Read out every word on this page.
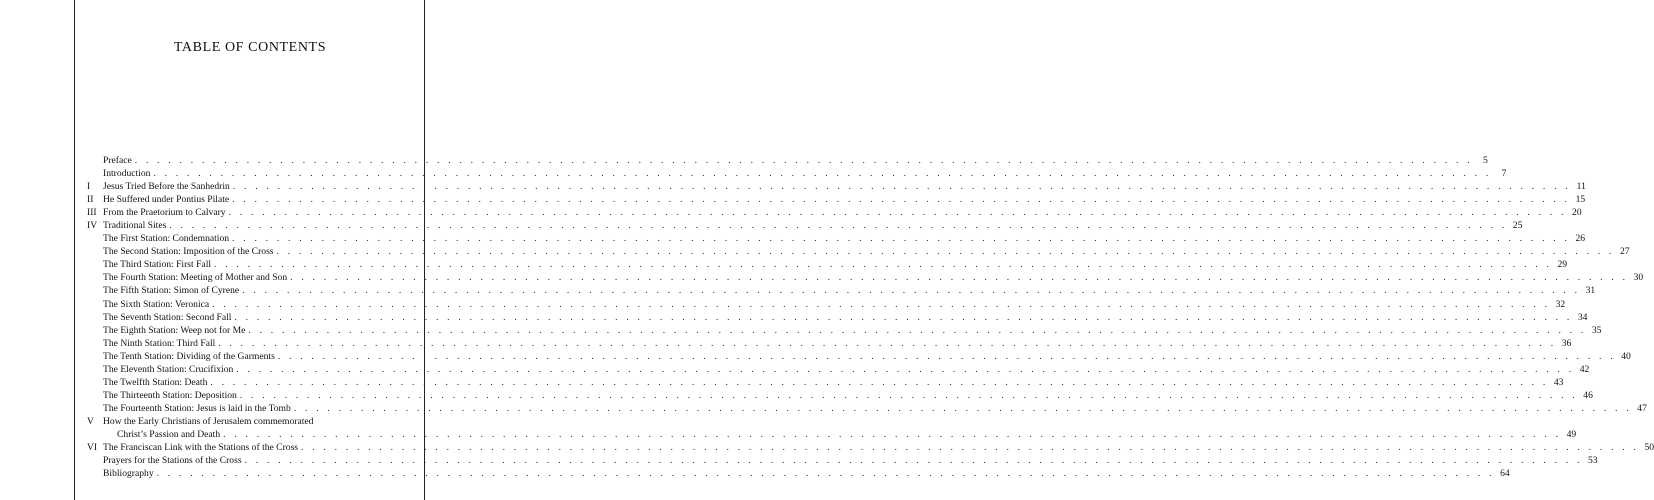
TABLE OF CONTENTS
Preface . . . . . . . . . . . . . . . . . . . . . . . . . . . . . . . . . . . . . . . . . . . . . . . . . . . . . . . . . . . . . . . . . . . . . . . . . . . . . . . . . . . . . . . . . . . . . . . . . . . . . . . . . . . . . . . . . . . . . . . .	5
Introduction . . . . . . . . . . . . . . . . . . . . . . . . . . . . . . . . . . . . . . . . . . . . . . . . . . . . . . . . . . . . . . . . . . . . . . . . . . . . . . . . . . . . . . . . . . . . . . . . . . . . . . . . . . . . . . . . . . . . . . . .	7
I	Jesus Tried Before the Sanhedrin . . . . . . . . . . . . . . . . . . . . . . . . . . . . . . . . . . . . . . . . . . . . . . . . . . . . . . . . . . . . . . . . . . . . . . . . . . . . . . . . . . . . . . . . . . . . . . . . . . . . . . . . . . . . . . . . . . . . . . . . 11
II	He Suffered under Pontius Pilate . . . . . . . . . . . . . . . . . . . . . . . . . . . . . . . . . . . . . . . . . . . . . . . . . . . . . . . . . . . . . . . . . . . . . . . . . . . . . . . . . . . . . . . . . . . . . . . . . . . . . . . . . . . . . . . . . . . . . . . . 15
III From the Praetorium to Calvary . . . . . . . . . . . . . . . . . . . . . . . . . . . . . . . . . . . . . . . . . . . . . . . . . . . . . . . . . . . . . . . . . . . . . . . . . . . . . . . . . . . . . . . . . . . . . . . . . . . . . . . . . . . . . . . . . . . . . . . . 20
IV Traditional Sites . . . . . . . . . . . . . . . . . . . . . . . . . . . . . . . . . . . . . . . . . . . . . . . . . . . . . . . . . . . . . . . . . . . . . . . . . . . . . . . . . . . . . . . . . . . . . . . . . . . . . . . . . . . . . . . . . . . . . . . . 25
The First Station: Condemnation . . . . . . . . . . . . . . . . . . . . . . . . . . . . . . . . . . . . . . . . . . . . . . . . . . . . . . . . . . . . . . . . . . . . . . . . . . . . . . . . . . . . . . . . . . . . . . . . . . . . . . . . . . . . . . . . . . . . . . . . 26
The Second Station: Imposition of the Cross . . . . . . . . . . . . . . . . . . . . . . . . . . . . . . . . . . . . . . . . . . . . . . . . . . . . . . . . . . . . . . . . . . . . . . . . . . . . . . . . . . . . . . . . . . . . . . . . . . . . . . . . . . . . . . . . . . . . . . . . 27
The Third Station: First Fall . . . . . . . . . . . . . . . . . . . . . . . . . . . . . . . . . . . . . . . . . . . . . . . . . . . . . . . . . . . . . . . . . . . . . . . . . . . . . . . . . . . . . . . . . . . . . . . . . . . . . . . . . . . . . . . . . . . . . . . . 29
The Fourth Station: Meeting of Mother and Son . . . . . . . . . . . . . . . . . . . . . . . . . . . . . . . . . . . . . . . . . . . . . . . . . . . . . . . . . . . . . . . . . . . . . . . . . . . . . . . . . . . . . . . . . . . . . . . . . . . . . . . . . . . . . . . . . . . . . . . . 30
The Fifth Station: Simon of Cyrene . . . . . . . . . . . . . . . . . . . . . . . . . . . . . . . . . . . . . . . . . . . . . . . . . . . . . . . . . . . . . . . . . . . . . . . . . . . . . . . . . . . . . . . . . . . . . . . . . . . . . . . . . . . . . . . . . . . . . . . . 31
The Sixth Station: Veronica . . . . . . . . . . . . . . . . . . . . . . . . . . . . . . . . . . . . . . . . . . . . . . . . . . . . . . . . . . . . . . . . . . . . . . . . . . . . . . . . . . . . . . . . . . . . . . . . . . . . . . . . . . . . . . . . . . . . . . . . 32
The Seventh Station: Second Fall . . . . . . . . . . . . . . . . . . . . . . . . . . . . . . . . . . . . . . . . . . . . . . . . . . . . . . . . . . . . . . . . . . . . . . . . . . . . . . . . . . . . . . . . . . . . . . . . . . . . . . . . . . . . . . . . . . . . . . . . 34
The Eighth Station: Weep not for Me . . . . . . . . . . . . . . . . . . . . . . . . . . . . . . . . . . . . . . . . . . . . . . . . . . . . . . . . . . . . . . . . . . . . . . . . . . . . . . . . . . . . . . . . . . . . . . . . . . . . . . . . . . . . . . . . . . . . . . . . 35
The Ninth Station: Third Fall . . . . . . . . . . . . . . . . . . . . . . . . . . . . . . . . . . . . . . . . . . . . . . . . . . . . . . . . . . . . . . . . . . . . . . . . . . . . . . . . . . . . . . . . . . . . . . . . . . . . . . . . . . . . . . . . . . . . . . . . 36
The Tenth Station: Dividing of the Garments . . . . . . . . . . . . . . . . . . . . . . . . . . . . . . . . . . . . . . . . . . . . . . . . . . . . . . . . . . . . . . . . . . . . . . . . . . . . . . . . . . . . . . . . . . . . . . . . . . . . . . . . . . . . . . . . . . . . . . . . 40
The Eleventh Station: Crucifixion . . . . . . . . . . . . . . . . . . . . . . . . . . . . . . . . . . . . . . . . . . . . . . . . . . . . . . . . . . . . . . . . . . . . . . . . . . . . . . . . . . . . . . . . . . . . . . . . . . . . . . . . . . . . . . . . . . . . . . . . 42
The Twelfth Station: Death . . . . . . . . . . . . . . . . . . . . . . . . . . . . . . . . . . . . . . . . . . . . . . . . . . . . . . . . . . . . . . . . . . . . . . . . . . . . . . . . . . . . . . . . . . . . . . . . . . . . . . . . . . . . . . . . . . . . . . . . 43
The Thirteenth Station: Deposition . . . . . . . . . . . . . . . . . . . . . . . . . . . . . . . . . . . . . . . . . . . . . . . . . . . . . . . . . . . . . . . . . . . . . . . . . . . . . . . . . . . . . . . . . . . . . . . . . . . . . . . . . . . . . . . . . . . . . . . . 46
The Fourteenth Station: Jesus is laid in the Tomb . . . . . . . . . . . . . . . . . . . . . . . . . . . . . . . . . . . . . . . . . . . . . . . . . . . . . . . . . . . . . . . . . . . . . . . . . . . . . . . . . . . . . . . . . . . . . . . . . . . . . . . . . . . . . . . . . . . . . . . . 47
V How the Early Christians of Jerusalem commemorated
Christ’s Passion and Death . . . . . . . . . . . . . . . . . . . . . . . . . . . . . . . . . . . . . . . . . . . . . . . . . . . . . . . . . . . . . . . . . . . . . . . . . . . . . . . . . . . . . . . . . . . . . . . . . . . . . . . . . . . . . . . . . . . . . . . . 49
VI The Franciscan Link with the Stations of the Cross . . . . . . . . . . . . . . . . . . . . . . . . . . . . . . . . . . . . . . . . . . . . . . . . . . . . . . . . . . . . . . . . . . . . . . . . . . . . . . . . . . . . . . . . . . . . . . . . . . . . . . . . . . . . . . . . . . . . . . . . 50
Prayers for the Stations of the Cross . . . . . . . . . . . . . . . . . . . . . . . . . . . . . . . . . . . . . . . . . . . . . . . . . . . . . . . . . . . . . . . . . . . . . . . . . . . . . . . . . . . . . . . . . . . . . . . . . . . . . . . . . . . . . . . . . . . . . . . . 53
Bibliography . . . . . . . . . . . . . . . . . . . . . . . . . . . . . . . . . . . . . . . . . . . . . . . . . . . . . . . . . . . . . . . . . . . . . . . . . . . . . . . . . . . . . . . . . . . . . . . . . . . . . . . . . . . . . . . . . . . . . . . . 64
